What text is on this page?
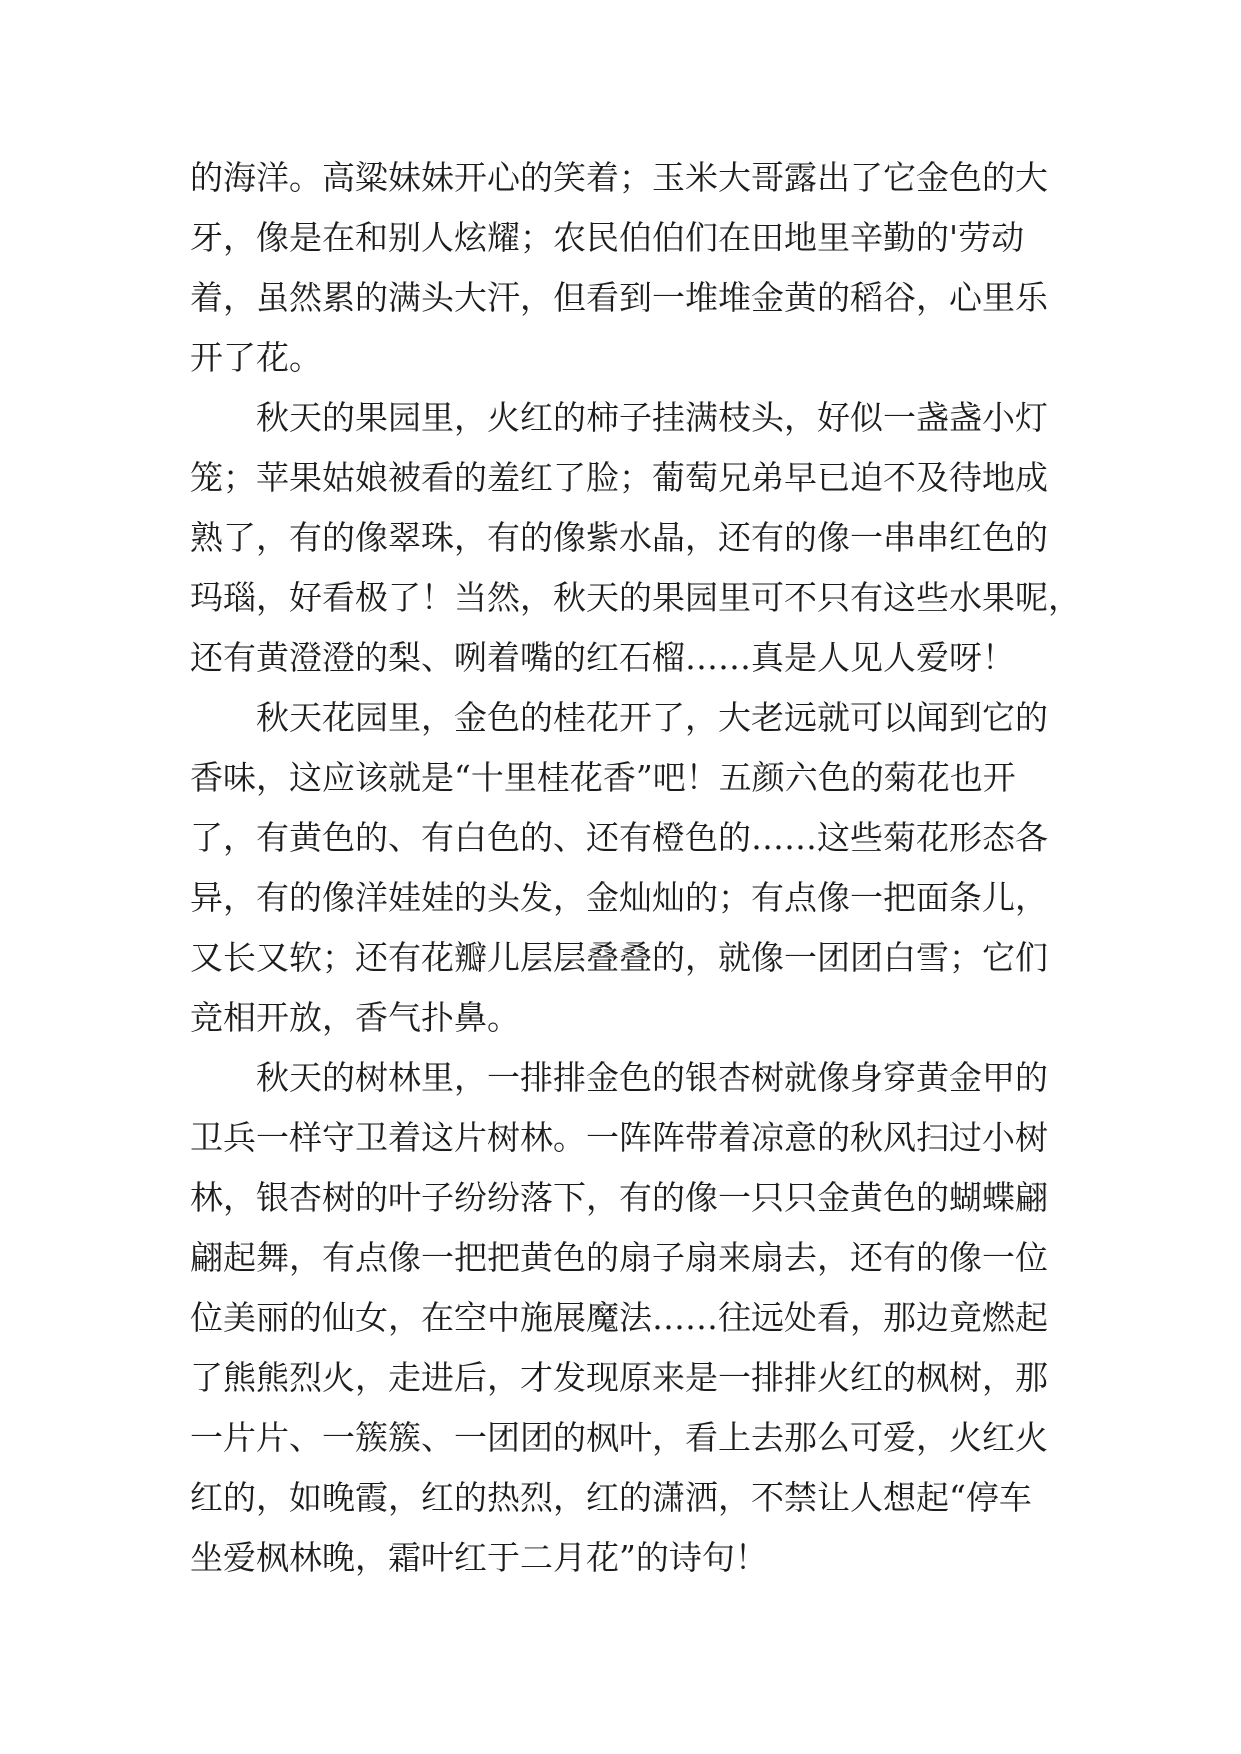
的海洋。高粱妹妹开心的笑着；玉米大哥露出了它金色的大
牙，像是在和别人炫耀；农民伯伯们在田地里辛勤的'劳动
着，虽然累的满头大汗，但看到一堆堆金黄的稻谷，心里乐
开了花。
秋天的果园里，火红的柿子挂满枝头，好似一盏盏小灯
笼；苹果姑娘被看的羞红了脸；葡萄兄弟早已迫不及待地成
熟了，有的像翠珠，有的像紫水晶，还有的像一串串红色的
玛瑙，好看极了！当然，秋天的果园里可不只有这些水果呢，
还有黄澄澄的梨、咧着嘴的红石榴……真是人见人爱呀！
秋天花园里，金色的桂花开了，大老远就可以闻到它的
香味，这应该就是“十里桂花香”吧！五颜六色的菊花也开
了，有黄色的、有白色的、还有橙色的……这些菊花形态各
异，有的像洋娃娃的头发，金灿灿的；有点像一把面条儿，
又长又软；还有花瓣儿层层叠叠的，就像一团团白雪；它们
竞相开放，香气扑鼻。
秋天的树林里，一排排金色的银杏树就像身穿黄金甲的
卫兵一样守卫着这片树林。一阵阵带着凉意的秋风扫过小树
林，银杏树的叶子纷纷落下，有的像一只只金黄色的蝴蝶翩
翩起舞，有点像一把把黄色的扇子扇来扇去，还有的像一位
位美丽的仙女，在空中施展魔法……往远处看，那边竟燃起
了熊熊烈火，走进后，才发现原来是一排排火红的枫树，那
一片片、一簇簇、一团团的枫叶，看上去那么可爱，火红火
红的，如晚霞，红的热烈，红的潇洒，不禁让人想起“停车
坐爱枫林晚，霜叶红于二月花”的诗句！
